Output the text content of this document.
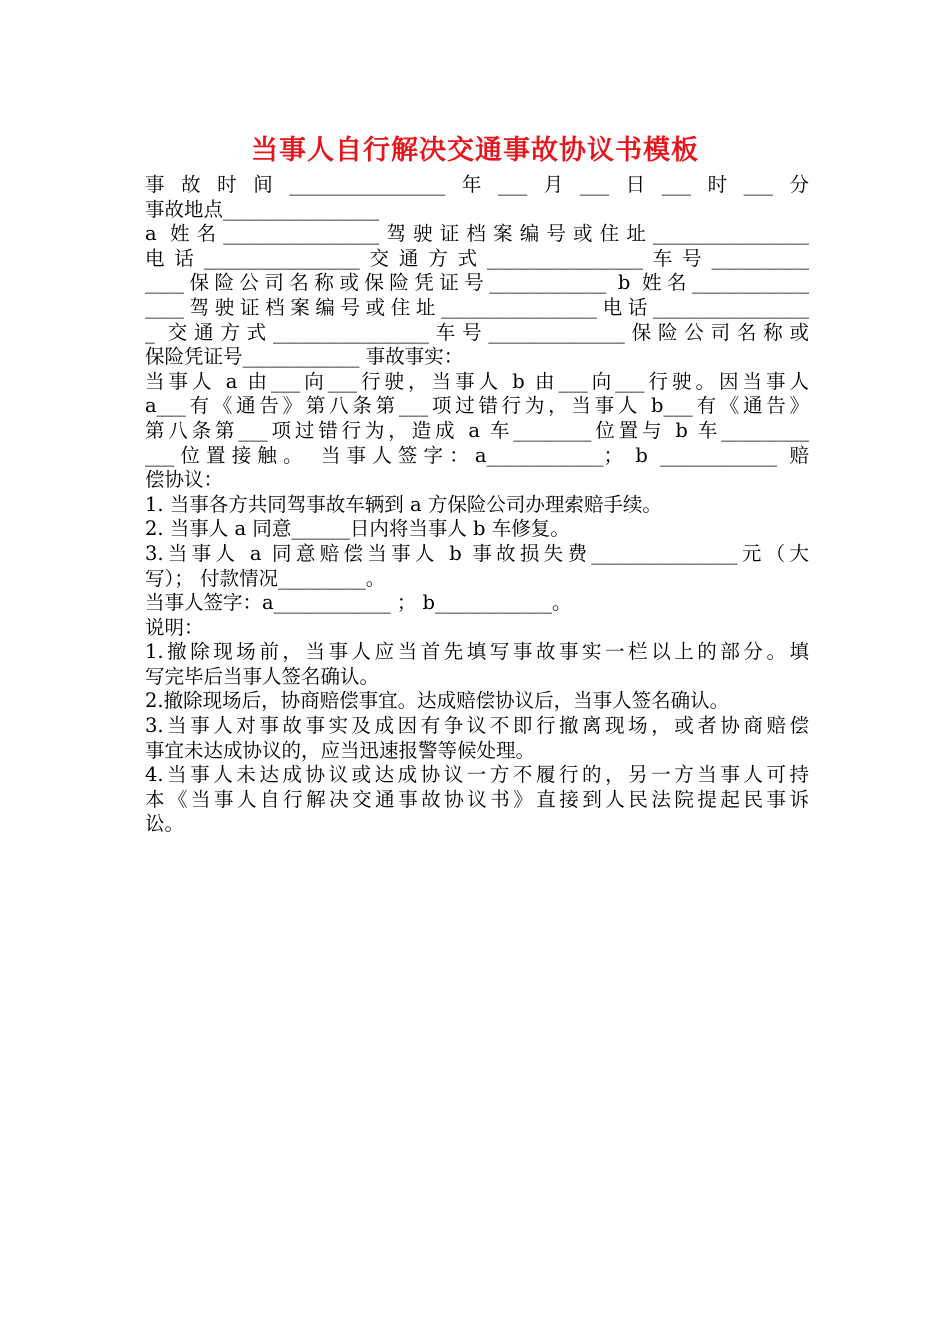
当事人自行解决交通事故协议书模板
事故时间________________年___月___日___时___分
事故地点________________
a 姓名________________驾驶证档案编号或住址________________
电话________________交通方式________________车号__________
____保险公司名称或保险凭证号____________ b 姓名____________
____驾驶证档案编号或住址________________电话________________
_ 交通方式________________车号______________保险公司名称或
保险凭证号____________ 事故事实：
当事人 a 由___向___行驶，当事人 b 由___向___行驶。因当事人
a___有《通告》第八条第___项过错行为，当事人 b___有《通告》
第八条第___项过错行为，造成 a 车________位置与 b 车_________
___位置接触。 当事人签字：a____________； b ____________ 赔
偿协议：
1. 当事各方共同驾事故车辆到 a 方保险公司办理索赔手续。
2. 当事人 a 同意______日内将当事人 b 车修复。
3.当事人 a 同意赔偿当事人 b 事故损失费_______________元（大
写）； 付款情况_________。
当事人签字：a____________ ； b____________。
说明：
1.撤除现场前，当事人应当首先填写事故事实一栏以上的部分。填
写完毕后当事人签名确认。
2.撤除现场后，协商赔偿事宜。达成赔偿协议后，当事人签名确认。
3.当事人对事故事实及成因有争议不即行撤离现场，或者协商赔偿
事宜未达成协议的，应当迅速报警等候处理。
4.当事人未达成协议或达成协议一方不履行的，另一方当事人可持
本《当事人自行解决交通事故协议书》直接到人民法院提起民事诉
讼。
